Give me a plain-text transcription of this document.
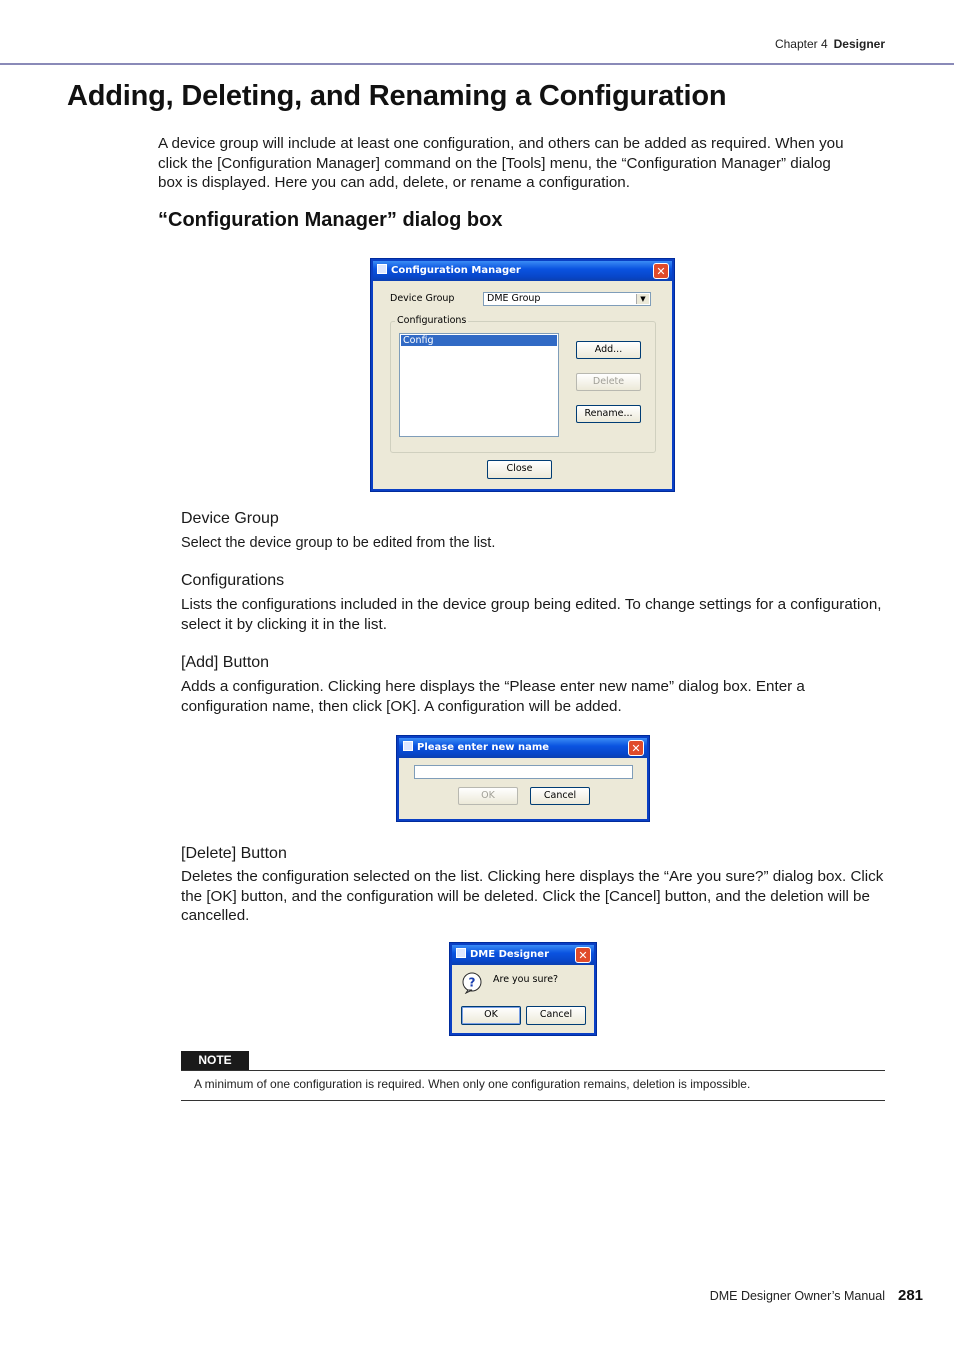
Chapter 4 Designer
Adding, Deleting, and Renaming a Configuration

A device group will include at least one configuration, and others can be added as required. When you click the [Configuration Manager] command on the [Tools] menu, the “Configuration Manager” dialog box is displayed. Here you can add, delete, or rename a configuration.

“Configuration Manager” dialog box
Configuration Manager	✕
Device Group	DME Group	▼
Configurations
Config
Add...
Delete
Rename...
Close

Device Group

Select the device group to be edited from the list.

Configurations

Lists the configurations included in the device group being edited. To change settings for a configuration, select it by clicking it in the list.

[Add] Button

Adds a configuration. Clicking here displays the “Please enter new name” dialog box. Enter a configuration name, then click [OK]. A configuration will be added.

Please enter new name	✕
OK	Cancel

[Delete] Button

Deletes the configuration selected on the list. Clicking here displays the “Are you sure?” dialog box. Click the [OK] button, and the configuration will be deleted. Click the [Cancel] button, and the deletion will be cancelled.

DME Designer	✕
? Are you sure?
OK	Cancel
NOTE

A minimum of one configuration is required. When only one configuration remains, deletion is impossible.

DME Designer Owner’s Manual 281
